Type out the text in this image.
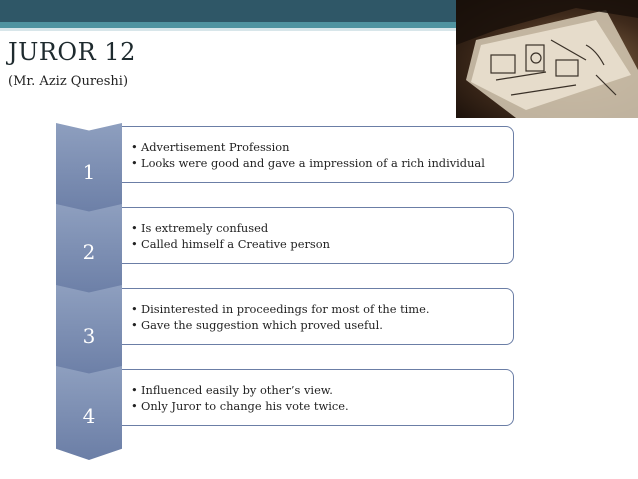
JUROR 12
(Mr. Aziz Qureshi)
1
• Advertisement Profession
• Looks were good and gave a impression of a rich individual
2
• Is extremely confused
• Called himself a Creative person
3
• Disinterested in proceedings for most of the time.
• Gave the suggestion which proved useful.
4
• Influenced easily by other’s view.
• Only Juror to change his vote twice.
